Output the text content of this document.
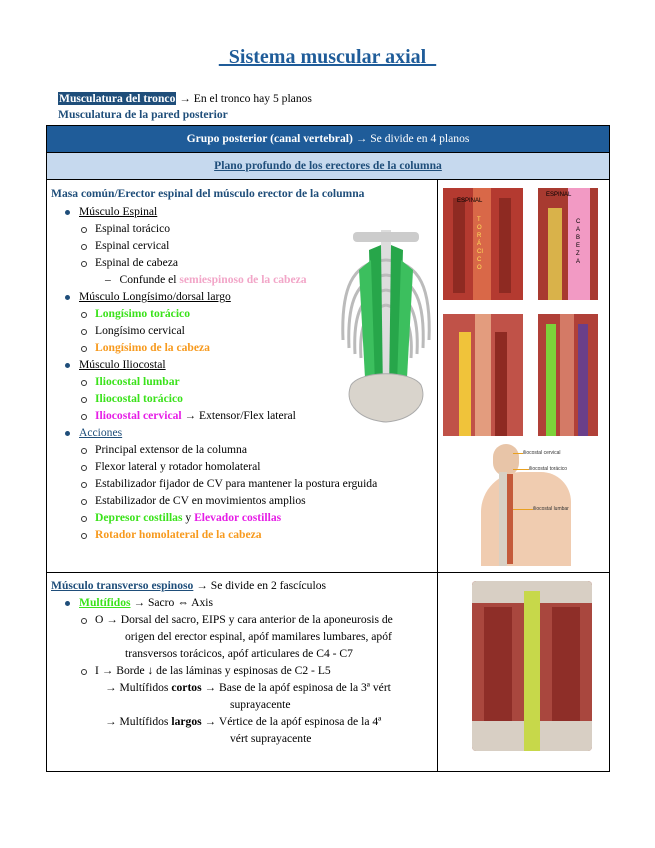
Sistema muscular axial
Musculatura del tronco → En el tronco hay 5 planos
Musculatura de la pared posterior
Grupo posterior (canal vertebral) → Se divide en 4 planos
Plano profundo de los erectores de la columna
Masa común/Erector espinal del músculo erector de la columna
Músculo Espinal
Espinal torácico
Espinal cervical
Espinal de cabeza
–   Confunde el semiespinoso de la cabeza
Músculo Longísimo/dorsal largo
Longísimo torácico
Longísimo cervical
Longísimo de la cabeza
Músculo Iliocostal
Iliocostal lumbar
Iliocostal torácico
Iliocostal cervical → Extensor/Flex lateral
Acciones
Principal extensor de la columna
Flexor lateral y rotador homolateral
Estabilizador fijador de CV para mantener la postura erguida
Estabilizador de CV en movimientos amplios
Depresor costillas y Elevador costillas
Rotador homolateral de la cabeza
ESPINAL
TORÁCICO
ESPINAL
CABEZA
iliocostal cervical
iliocostal torácico
iliocostal lumbar
Músculo transverso espinoso → Se divide en 2 fascículos
Multífidos → Sacro ⇔ Axis
O → Dorsal del sacro, EIPS y cara anterior de la aponeurosis de
origen del erector espinal, apóf mamilares lumbares, apóf
transversos torácicos, apóf articulares de C4 - C7
I → Borde ↓ de las láminas y espinosas de C2 - L5
→ Multífidos cortos → Base de la apóf espinosa de la 3ª vért
suprayacente
→ Multífidos largos → Vértice de la apóf espinosa de la 4ª
vért suprayacente
